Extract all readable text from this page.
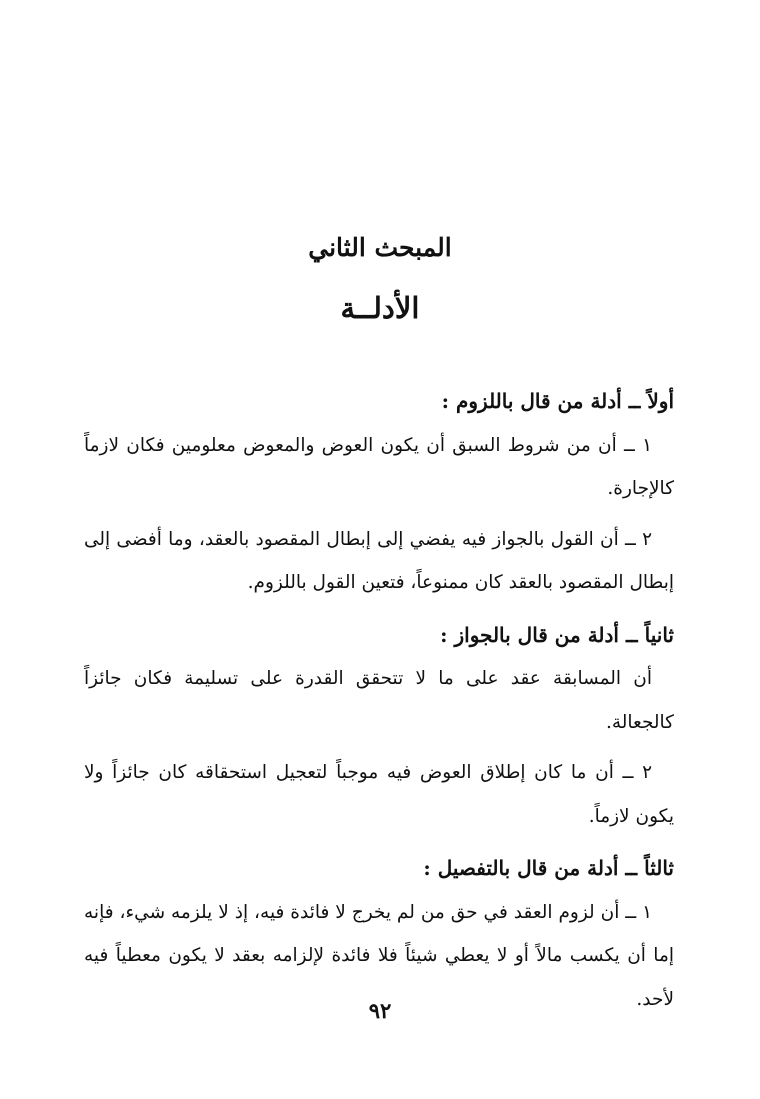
المبحث الثاني
الأدلــة

أولاً ــ أدلة من قال باللزوم :

١ ــ أن من شروط السبق أن يكون العوض والمعوض معلومين فكان لازماً كالإجارة.

٢ ــ أن القول بالجواز فيه يفضي إلى إبطال المقصود بالعقد، وما أفضى إلى إبطال المقصود بالعقد كان ممنوعاً، فتعين القول باللزوم.

ثانياً ــ أدلة من قال بالجواز :

أن المسابقة عقد على ما لا تتحقق القدرة على تسليمة فكان جائزاً كالجعالة.

٢ ــ أن ما كان إطلاق العوض فيه موجباً لتعجيل استحقاقه كان جائزاً ولا يكون لازماً.

ثالثاً ــ أدلة من قال بالتفصيل :

١ ــ أن لزوم العقد في حق من لم يخرج لا فائدة فيه، إذ لا يلزمه شيء، فإنه إما أن يكسب مالاً أو لا يعطي شيئاً فلا فائدة لإلزامه بعقد لا يكون معطياً فيه لأحد.

٩٢
